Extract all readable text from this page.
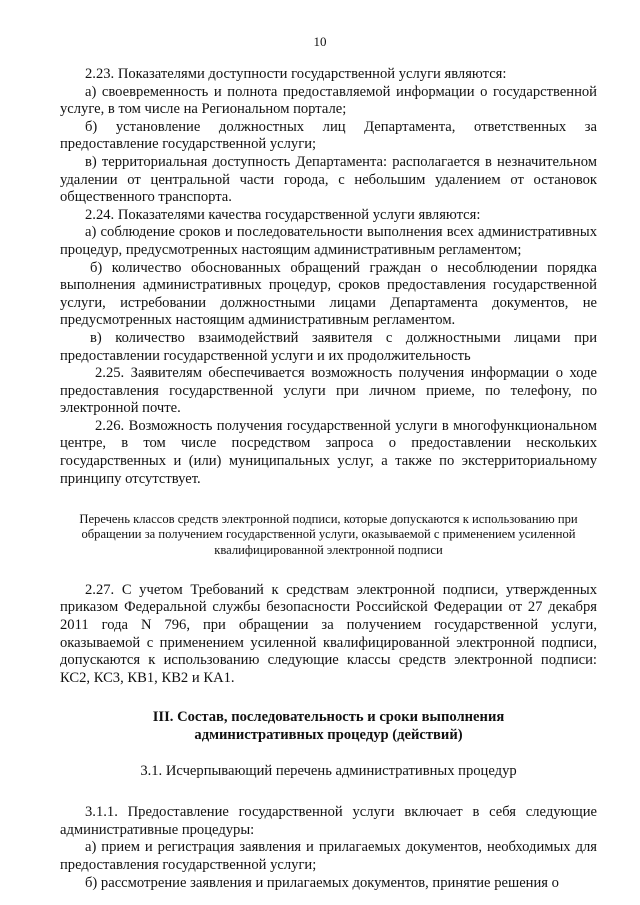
10

2.23. Показателями доступности государственной услуги являются:

а) своевременность и полнота предоставляемой информации о государственной услуге, в том числе на Региональном портале;

б) установление должностных лиц Департамента, ответственных за предоставление государственной услуги;

в) территориальная доступность Департамента: располагается в незначительном удалении от центральной части города, с небольшим удалением от остановок общественного транспорта.

2.24. Показателями качества государственной услуги являются:

а) соблюдение сроков и последовательности выполнения всех административных процедур, предусмотренных настоящим административным регламентом;

б) количество обоснованных обращений граждан о несоблюдении порядка выполнения административных процедур, сроков предоставления государственной услуги, истребовании должностными лицами Департамента документов, не предусмотренных настоящим административным регламентом.

в) количество взаимодействий заявителя с должностными лицами при предоставлении государственной услуги и их продолжительность

2.25. Заявителям обеспечивается возможность получения информации о ходе предоставления государственной услуги при личном приеме, по телефону, по электронной почте.

2.26. Возможность получения государственной услуги в многофункциональном центре, в том числе посредством запроса о предоставлении нескольких государственных и (или) муниципальных услуг, а также по экстерриториальному принципу отсутствует.

Перечень классов средств электронной подписи, которые допускаются к использованию при обращении за получением государственной услуги, оказываемой с применением усиленной квалифицированной электронной подписи

2.27. С учетом Требований к средствам электронной подписи, утвержденных приказом Федеральной службы безопасности Российской Федерации от 27 декабря 2011 года N 796, при обращении за получением государственной услуги, оказываемой с применением усиленной квалифицированной электронной подписи, допускаются к использованию следующие классы средств электронной подписи: КС2, КС3, КВ1, КВ2 и КА1.

III. Состав, последовательность и сроки выполнения
административных процедур (действий)

3.1. Исчерпывающий перечень административных процедур

3.1.1. Предоставление государственной услуги включает в себя следующие административные процедуры:

а) прием и регистрация заявления и прилагаемых документов, необходимых для предоставления государственной услуги;

б) рассмотрение заявления и прилагаемых документов, принятие решения о
